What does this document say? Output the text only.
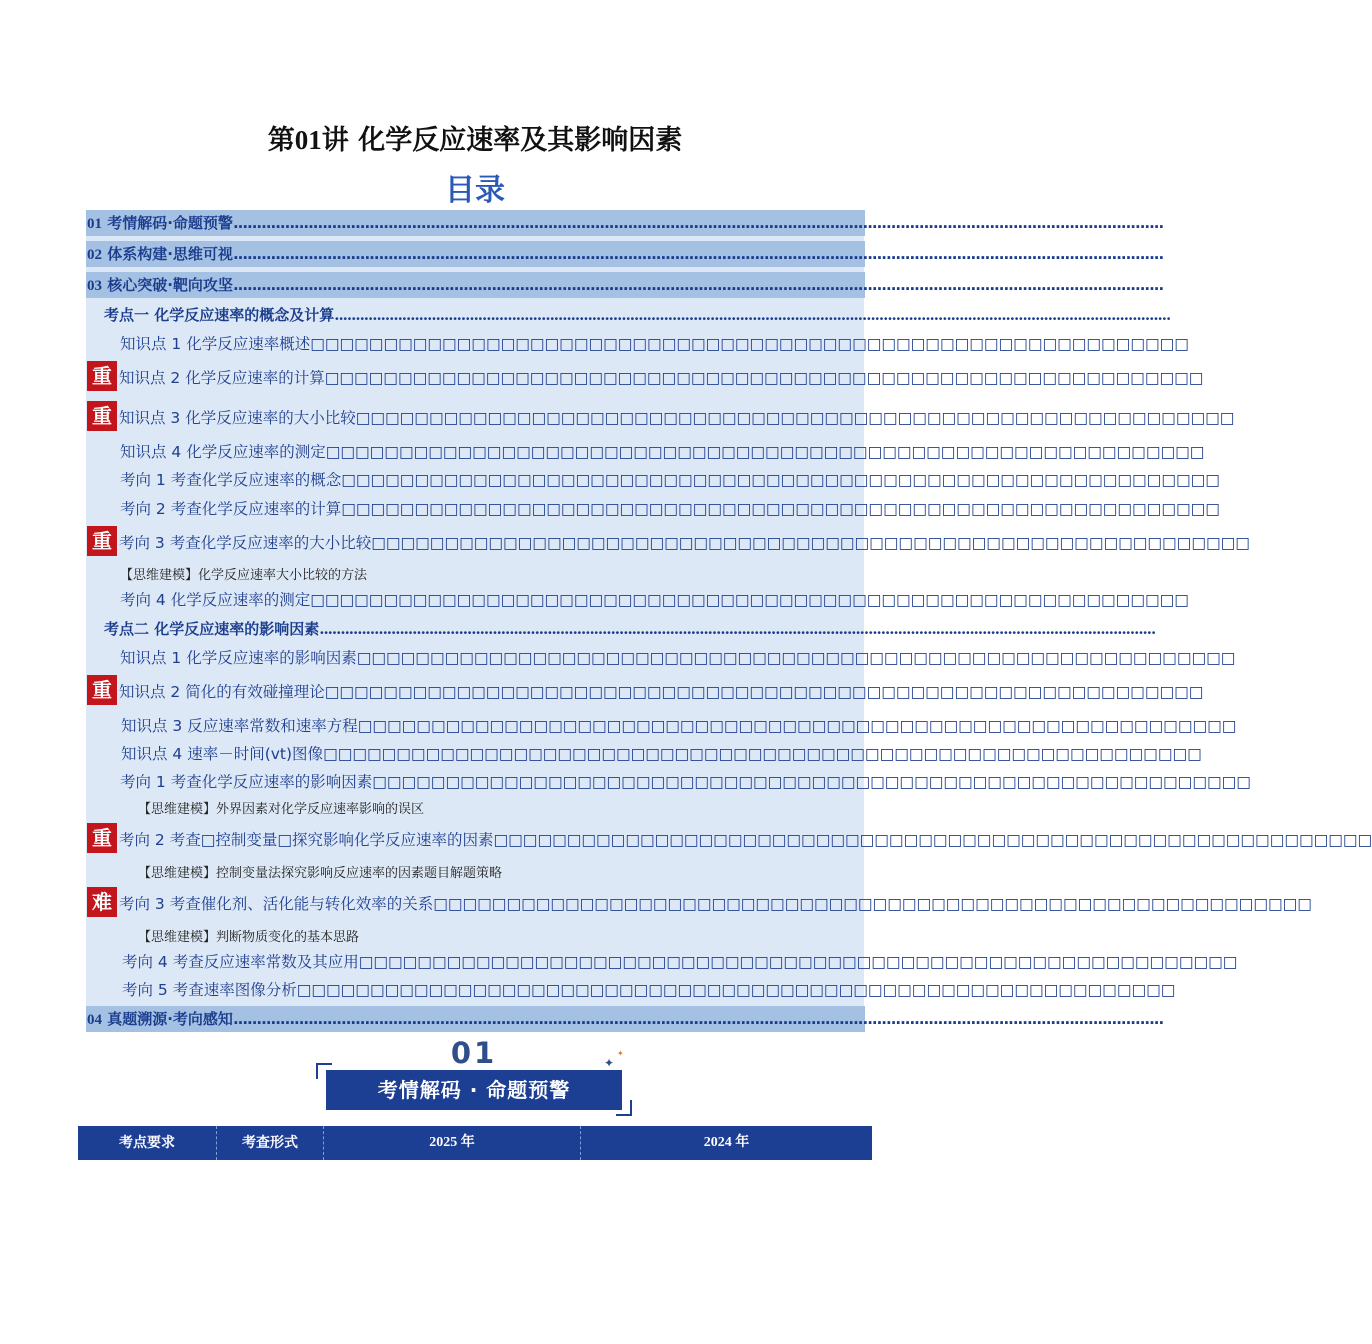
第01讲 化学反应速率及其影响因素
目录
01 考情解码·命题预警......................................................................................................................................................................................................
02 体系构建·思维可视......................................................................................................................................................................................................
03 核心突破·靶向攻坚......................................................................................................................................................................................................
考点一 化学反应速率的概念及计算......................................................................................................................................................................................................
知识点 1 化学反应速率概述□□□□□□□□□□□□□□□□□□□□□□□□□□□□□□□□□□□□□□□□□□□□□□□□□□□□□□□□□□□□
知识点 2 化学反应速率的计算□□□□□□□□□□□□□□□□□□□□□□□□□□□□□□□□□□□□□□□□□□□□□□□□□□□□□□□□□□□□
知识点 3 化学反应速率的大小比较□□□□□□□□□□□□□□□□□□□□□□□□□□□□□□□□□□□□□□□□□□□□□□□□□□□□□□□□□□□□
知识点 4 化学反应速率的测定□□□□□□□□□□□□□□□□□□□□□□□□□□□□□□□□□□□□□□□□□□□□□□□□□□□□□□□□□□□□
考向 1 考查化学反应速率的概念□□□□□□□□□□□□□□□□□□□□□□□□□□□□□□□□□□□□□□□□□□□□□□□□□□□□□□□□□□□□
考向 2 考查化学反应速率的计算□□□□□□□□□□□□□□□□□□□□□□□□□□□□□□□□□□□□□□□□□□□□□□□□□□□□□□□□□□□□
考向 3 考查化学反应速率的大小比较□□□□□□□□□□□□□□□□□□□□□□□□□□□□□□□□□□□□□□□□□□□□□□□□□□□□□□□□□□□□
【思维建模】化学反应速率大小比较的方法
考向 4 化学反应速率的测定□□□□□□□□□□□□□□□□□□□□□□□□□□□□□□□□□□□□□□□□□□□□□□□□□□□□□□□□□□□□
考点二 化学反应速率的影响因素......................................................................................................................................................................................................
知识点 1 化学反应速率的影响因素□□□□□□□□□□□□□□□□□□□□□□□□□□□□□□□□□□□□□□□□□□□□□□□□□□□□□□□□□□□□
知识点 2 简化的有效碰撞理论□□□□□□□□□□□□□□□□□□□□□□□□□□□□□□□□□□□□□□□□□□□□□□□□□□□□□□□□□□□□
知识点 3 反应速率常数和速率方程□□□□□□□□□□□□□□□□□□□□□□□□□□□□□□□□□□□□□□□□□□□□□□□□□□□□□□□□□□□□
知识点 4 速率－时间(vt)图像□□□□□□□□□□□□□□□□□□□□□□□□□□□□□□□□□□□□□□□□□□□□□□□□□□□□□□□□□□□□
考向 1 考查化学反应速率的影响因素□□□□□□□□□□□□□□□□□□□□□□□□□□□□□□□□□□□□□□□□□□□□□□□□□□□□□□□□□□□□
【思维建模】外界因素对化学反应速率影响的误区
考向 2 考查□控制变量□探究影响化学反应速率的因素□□□□□□□□□□□□□□□□□□□□□□□□□□□□□□□□□□□□□□□□□□□□□□□□□□□□□□□□□□□□
【思维建模】控制变量法探究影响反应速率的因素题目解题策略
考向 3 考查催化剂、活化能与转化效率的关系□□□□□□□□□□□□□□□□□□□□□□□□□□□□□□□□□□□□□□□□□□□□□□□□□□□□□□□□□□□□
【思维建模】判断物质变化的基本思路
考向 4 考查反应速率常数及其应用□□□□□□□□□□□□□□□□□□□□□□□□□□□□□□□□□□□□□□□□□□□□□□□□□□□□□□□□□□□□
考向 5 考查速率图像分析□□□□□□□□□□□□□□□□□□□□□□□□□□□□□□□□□□□□□□□□□□□□□□□□□□□□□□□□□□□□
04 真题溯源·考向感知......................................................................................................................................................................................................
重
重
重
重
重
难
01
考情解码 · 命题预警
✦
✦
考点要求	考查形式	2025 年	2024 年
